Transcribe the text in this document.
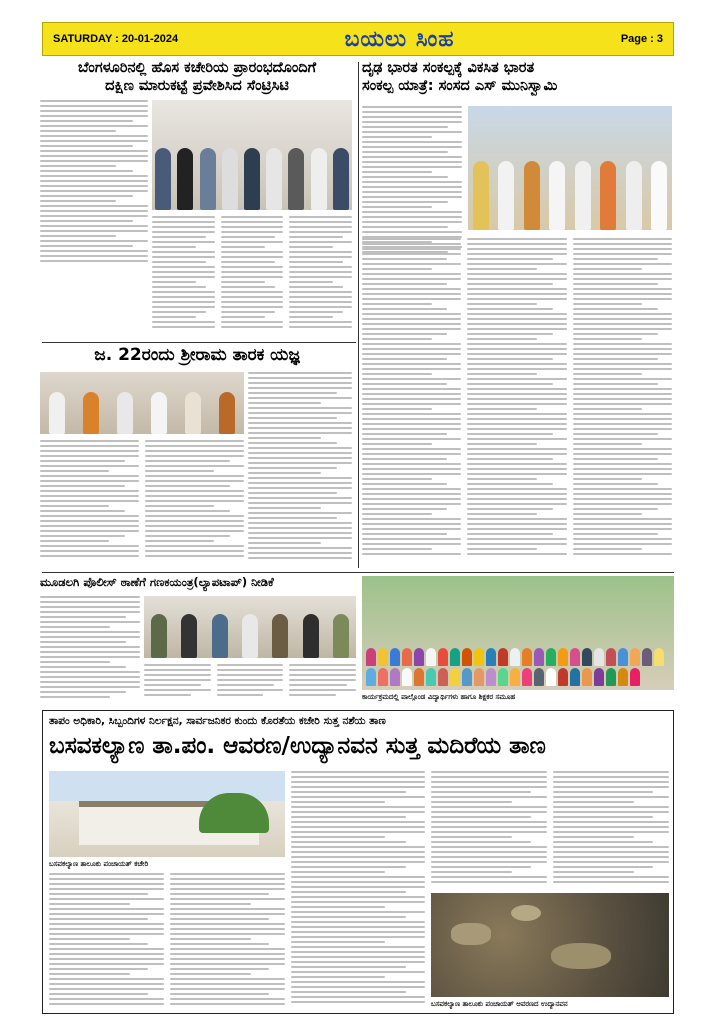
SATURDAY : 20-01-2024	ಬಯಲು ಸಿಂಹ	Page : 3
ಬೆಂಗಳೂರಿನಲ್ಲಿ ಹೊಸ ಕಚೇರಿಯ ಪ್ರಾರಂಭದೊಂದಿಗೆ
ದಕ್ಷಿಣ ಮಾರುಕಟ್ಟೆ ಪ್ರವೇಶಿಸಿದ ಸೆಂಟ್ರಿಸಿಟಿ
ದೃಢ ಭಾರತ ಸಂಕಲ್ಪಕ್ಕೆ ವಿಕಸಿತ ಭಾರತ
ಸಂಕಲ್ಪ ಯಾತ್ರೆ: ಸಂಸದ ಎಸ್ ಮುನಿಸ್ವಾಮಿ
ಜ. 22ರಂದು ಶ್ರೀರಾಮ ತಾರಕ ಯಜ್ಞ
ಮೂಡಲಗಿ ಪೊಲೀಸ್ ಠಾಣೆಗೆ ಗಣಕಯಂತ್ರ(ಲ್ಯಾಪಟಾಪ್) ನೀಡಿಕೆ
ಕಾರ್ಯಕ್ರಮದಲ್ಲಿ ಪಾಲ್ಗೊಂಡ ವಿದ್ಯಾರ್ಥಿಗಳು ಹಾಗೂ ಶಿಕ್ಷಕರ ಸಮೂಹ
ತಾಪಂ ಅಧಿಕಾರಿ, ಸಿಬ್ಬಂದಿಗಳ ನಿರ್ಲಕ್ಷನ, ಸಾರ್ವಜನಿಕರ ಕುಂದು ಕೊರತೆಯ ಕಚೇರಿ ಸುತ್ತ ನಶೆಯ ತಾಣ
ಬಸವಕಲ್ಯಾಣ ತಾ.ಪಂ. ಆವರಣ/ಉದ್ಯಾನವನ ಸುತ್ತ ಮದಿರೆಯ ತಾಣ
ಬಸವಕಲ್ಯಾಣ ತಾಲೂಕು ಪಂಚಾಯತ್ ಕಚೇರಿ
ಬಸವಕಲ್ಯಾಣ ತಾಲೂಕು ಪಂಚಾಯತ್ ಆವರಣದ ಉದ್ಯಾನವನ
